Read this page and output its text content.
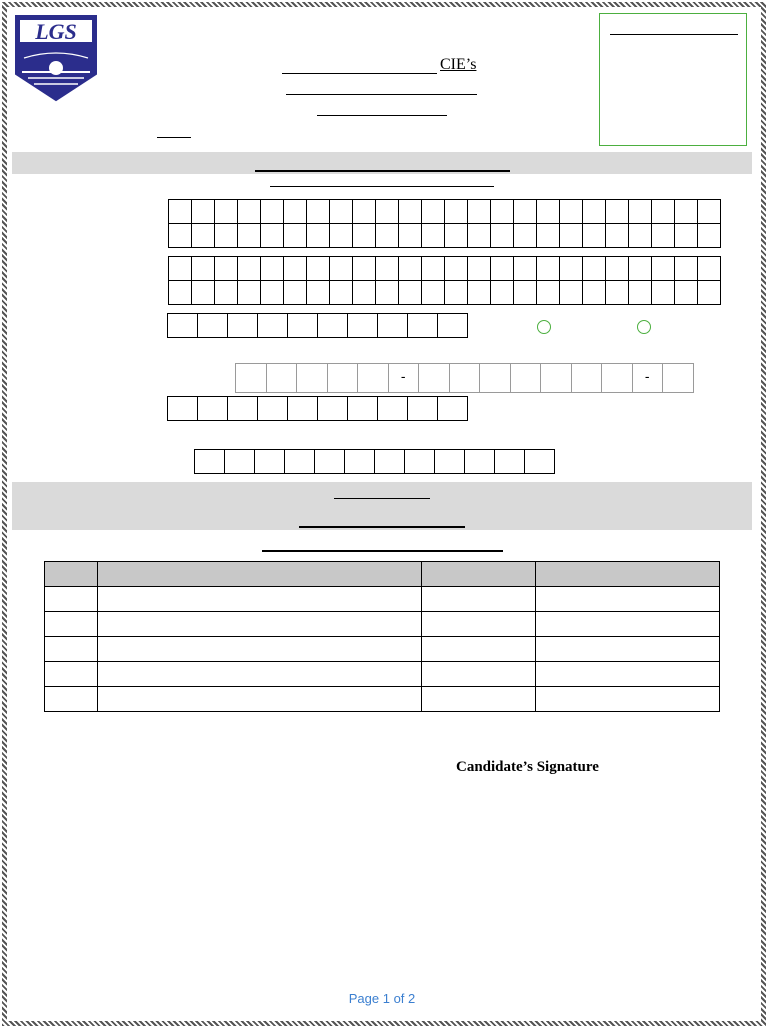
LGS
CIE’s
-	-

Candidate’s Signature
Page 1 of 2
